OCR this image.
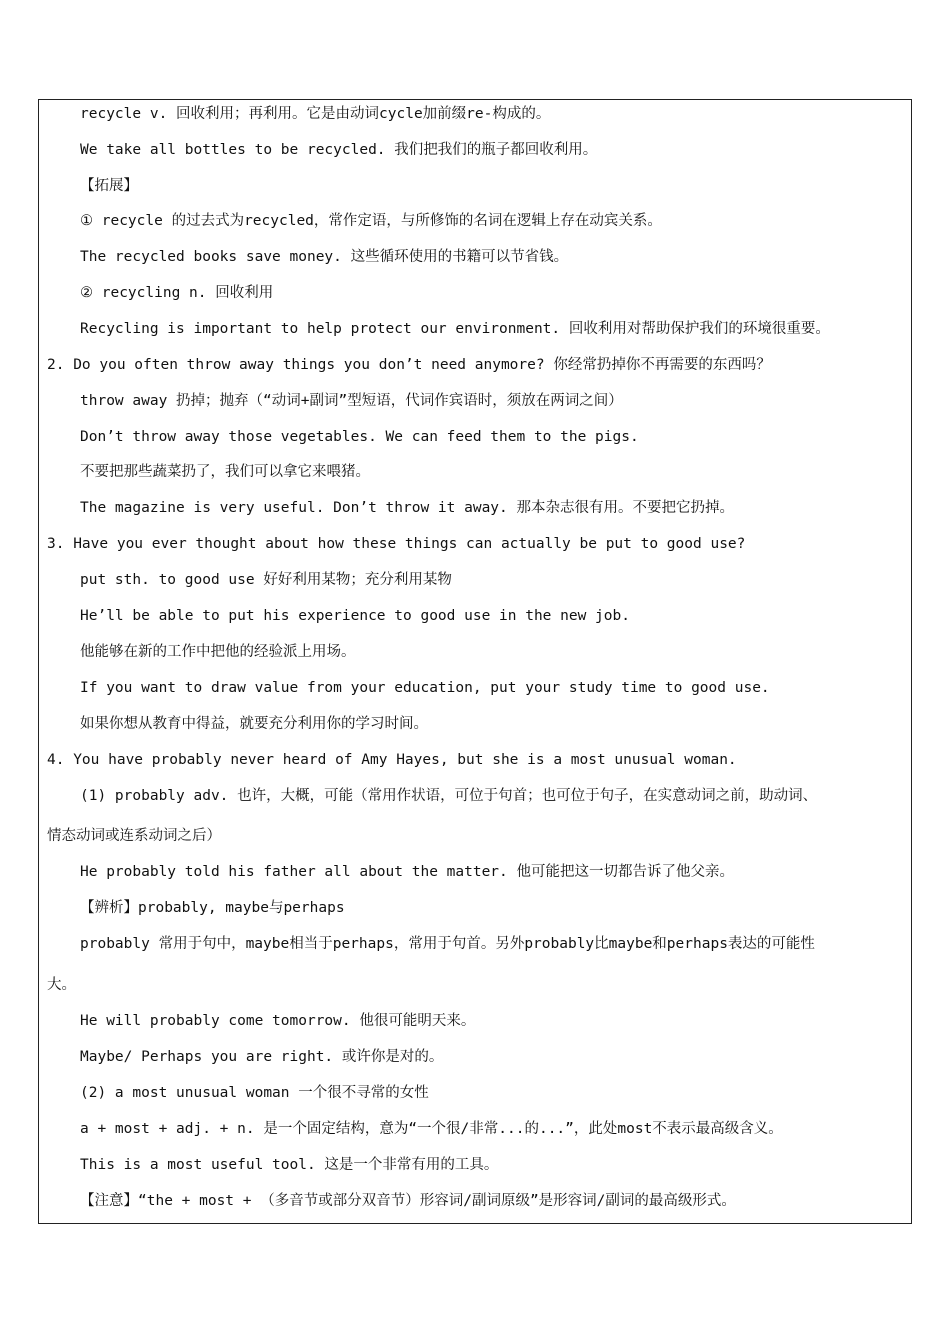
recycle v. 回收利用；再利用。它是由动词cycle加前缀re-构成的。
We take all bottles to be recycled. 我们把我们的瓶子都回收利用。
【拓展】
① recycle 的过去式为recycled，常作定语，与所修饰的名词在逻辑上存在动宾关系。
The recycled books save money. 这些循环使用的书籍可以节省钱。
② recycling n. 回收利用
Recycling is important to help protect our environment. 回收利用对帮助保护我们的环境很重要。
2. Do you often throw away things you don’t need anymore? 你经常扔掉你不再需要的东西吗？
throw away 扔掉；抛弃（“动词+副词”型短语，代词作宾语时，须放在两词之间）
Don’t throw away those vegetables. We can feed them to the pigs.
不要把那些蔬菜扔了，我们可以拿它来喂猪。
The magazine is very useful. Don’t throw it away. 那本杂志很有用。不要把它扔掉。
3. Have you ever thought about how these things can actually be put to good use?
put sth. to good use 好好利用某物；充分利用某物
He’ll be able to put his experience to good use in the new job.
他能够在新的工作中把他的经验派上用场。
If you want to draw value from your education, put your study time to good use.
如果你想从教育中得益，就要充分利用你的学习时间。
4. You have probably never heard of Amy Hayes, but she is a most unusual woman.
(1) probably adv. 也许，大概，可能（常用作状语，可位于句首；也可位于句子，在实意动词之前，助动词、
情态动词或连系动词之后）
He probably told his father all about the matter. 他可能把这一切都告诉了他父亲。
【辨析】probably, maybe与perhaps
probably 常用于句中，maybe相当于perhaps，常用于句首。另外probably比maybe和perhaps表达的可能性
大。
He will probably come tomorrow. 他很可能明天来。
Maybe/ Perhaps you are right. 或许你是对的。
(2) a most unusual woman 一个很不寻常的女性
a + most + adj. + n. 是一个固定结构，意为“一个很/非常...的...”，此处most不表示最高级含义。
This is a most useful tool. 这是一个非常有用的工具。
【注意】“the + most + （多音节或部分双音节）形容词/副词原级”是形容词/副词的最高级形式。
